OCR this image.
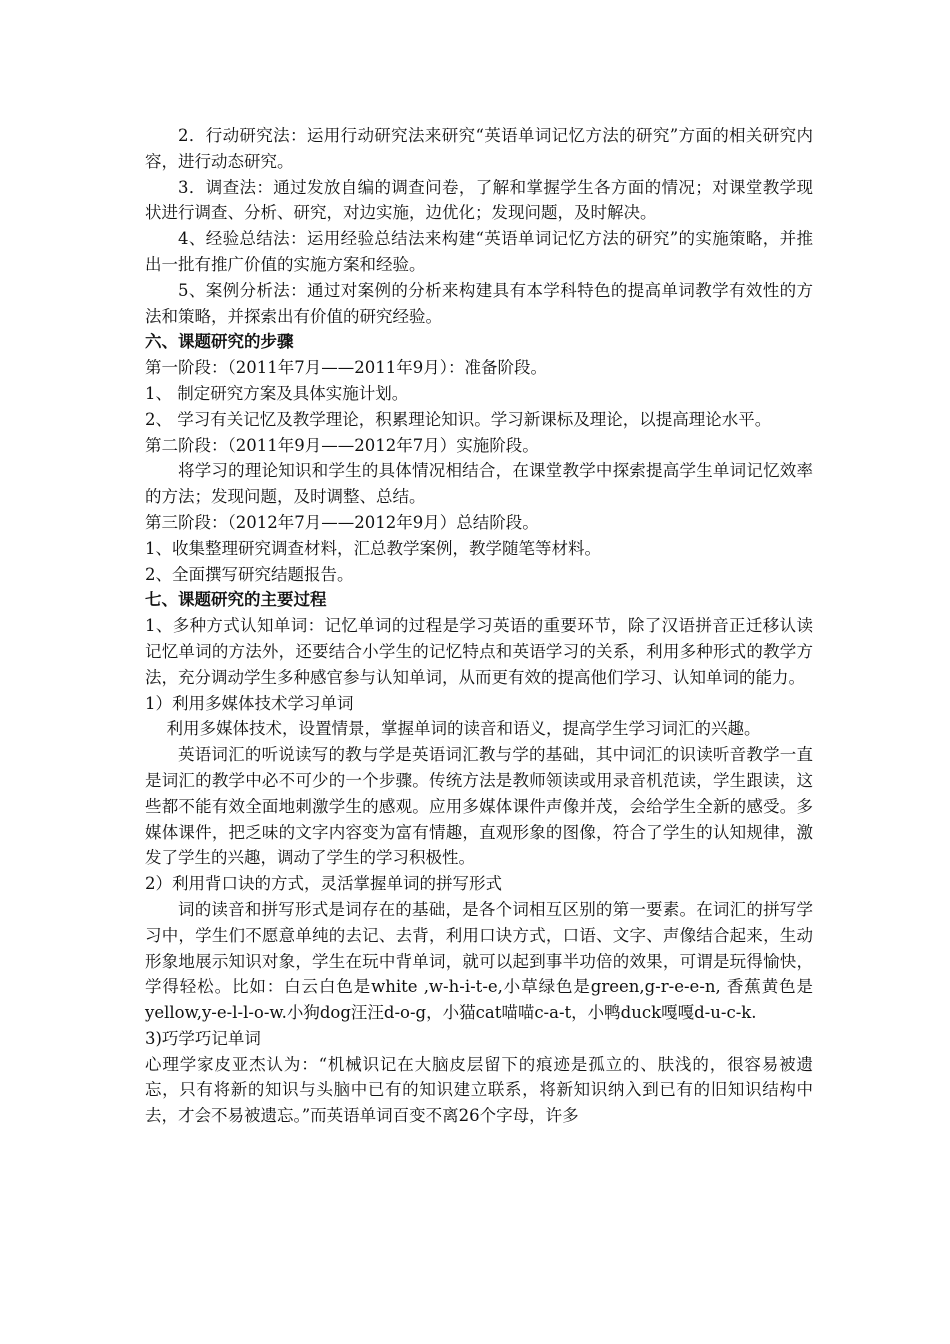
2．行动研究法：运用行动研究法来研究“英语单词记忆方法的研究”方面的相关研究内容，进行动态研究。

3．调查法：通过发放自编的调查问卷，了解和掌握学生各方面的情况；对课堂教学现状进行调查、分析、研究，对边实施，边优化；发现问题，及时解决。

4、经验总结法：运用经验总结法来构建“英语单词记忆方法的研究”的实施策略，并推出一批有推广价值的实施方案和经验。

5、案例分析法：通过对案例的分析来构建具有本学科特色的提高单词教学有效性的方法和策略，并探索出有价值的研究经验。

六、课题研究的步骤

第一阶段：（2011年7月——2011年9月）：准备阶段。

1、 制定研究方案及具体实施计划。

2、 学习有关记忆及教学理论，积累理论知识。学习新课标及理论，以提高理论水平。

第二阶段：（2011年9月——2012年7月）实施阶段。

将学习的理论知识和学生的具体情况相结合，在课堂教学中探索提高学生单词记忆效率的方法；发现问题，及时调整、总结。

第三阶段：（2012年7月——2012年9月）总结阶段。

1、收集整理研究调查材料，汇总教学案例，教学随笔等材料。

2、全面撰写研究结题报告。

七、课题研究的主要过程

1、多种方式认知单词：记忆单词的过程是学习英语的重要环节，除了汉语拼音正迁移认读记忆单词的方法外，还要结合小学生的记忆特点和英语学习的关系，利用多种形式的教学方法，充分调动学生多种感官参与认知单词，从而更有效的提高他们学习、认知单词的能力。

1）利用多媒体技术学习单词

利用多媒体技术，设置情景，掌握单词的读音和语义，提高学生学习词汇的兴趣。

英语词汇的听说读写的教与学是英语词汇教与学的基础，其中词汇的识读听音教学一直是词汇的教学中必不可少的一个步骤。传统方法是教师领读或用录音机范读，学生跟读，这些都不能有效全面地刺激学生的感观。应用多媒体课件声像并茂，会给学生全新的感受。多媒体课件，把乏味的文字内容变为富有情趣，直观形象的图像，符合了学生的认知规律，激发了学生的兴趣，调动了学生的学习积极性。

2）利用背口诀的方式，灵活掌握单词的拼写形式

词的读音和拼写形式是词存在的基础，是各个词相互区别的第一要素。在词汇的拼写学习中，学生们不愿意单纯的去记、去背，利用口诀方式，口语、文字、声像结合起来，生动形象地展示知识对象，学生在玩中背单词，就可以起到事半功倍的效果，可谓是玩得愉快，学得轻松。比如：白云白色是white ,w-h-i-t-e,小草绿色是green,g-r-e-e-n, 香蕉黄色是yellow,y-e-l-l-o-w.小狗dog汪汪d-o-g，小猫cat喵喵c-a-t，小鸭duck嘎嘎d-u-c-k.

3)巧学巧记单词

心理学家皮亚杰认为：“机械识记在大脑皮层留下的痕迹是孤立的、肤浅的，很容易被遗忘，只有将新的知识与头脑中已有的知识建立联系，将新知识纳入到已有的旧知识结构中去，才会不易被遗忘。”而英语单词百变不离26个字母，许多
